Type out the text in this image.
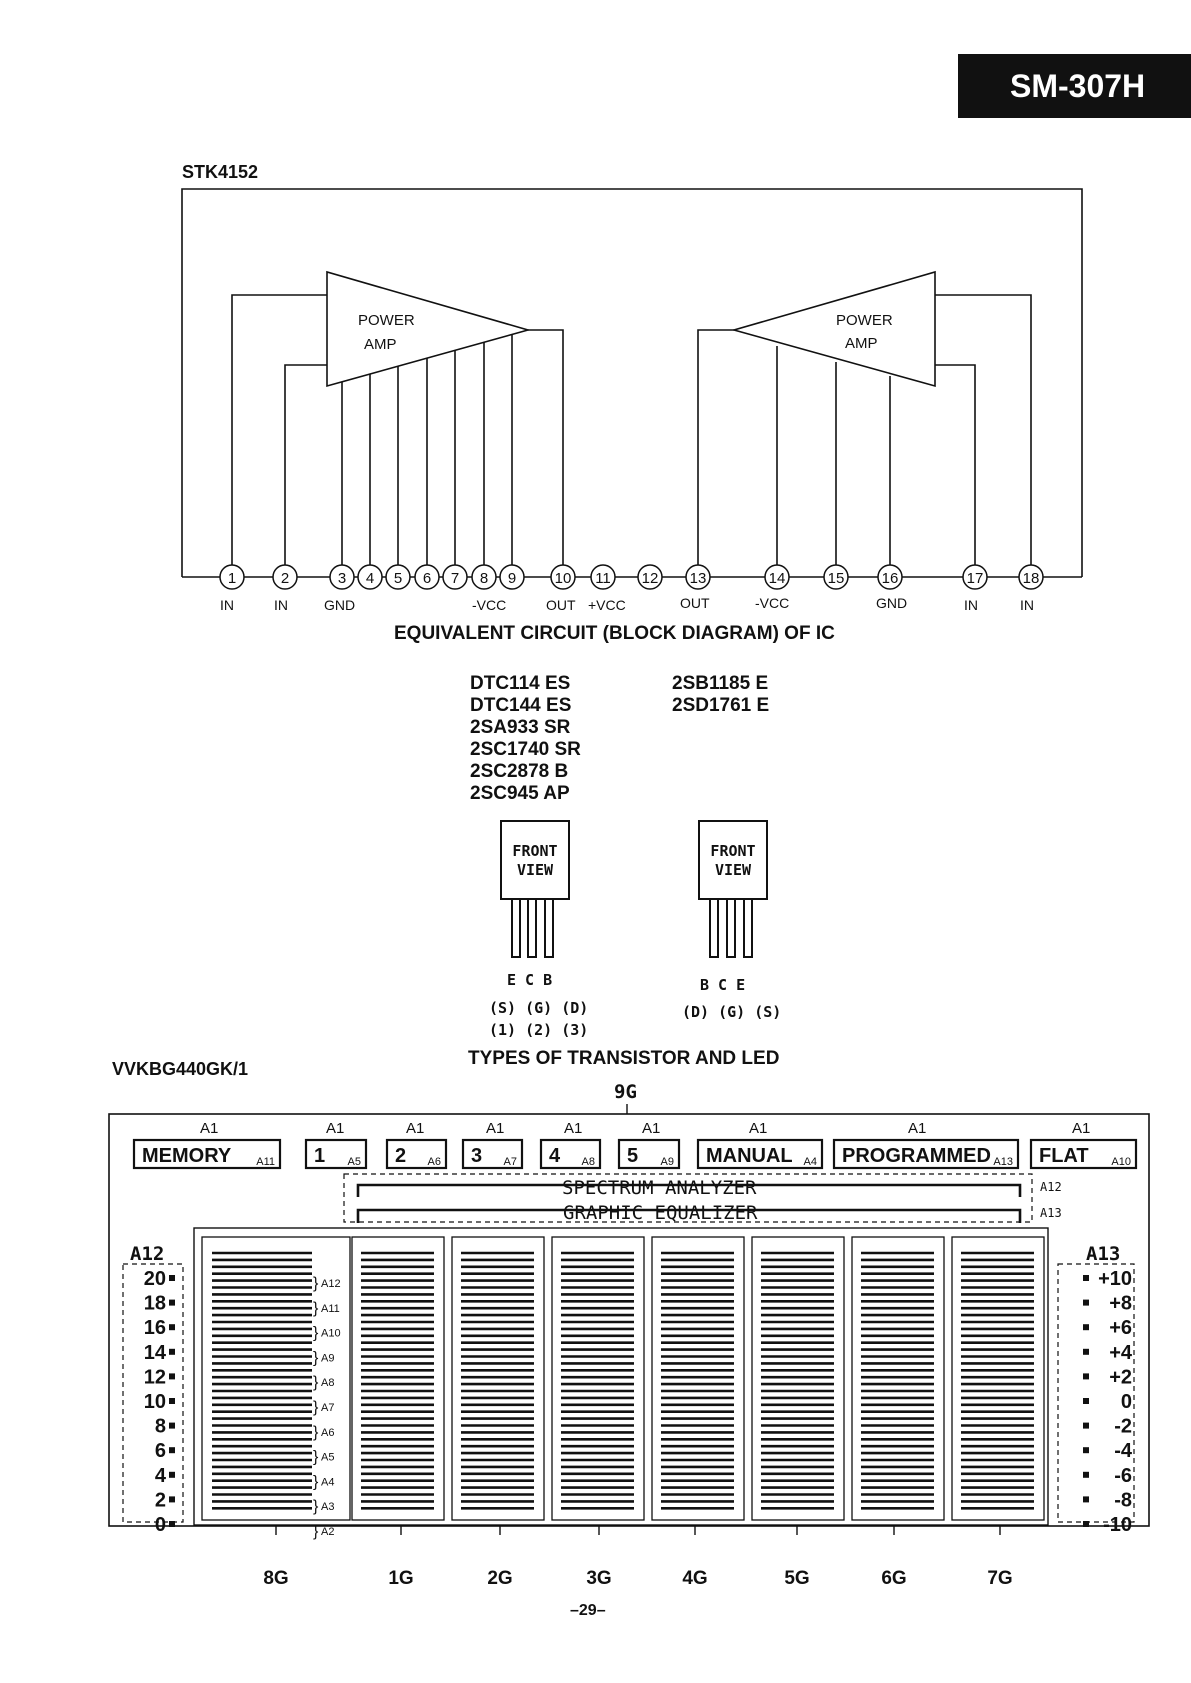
SM-307H
STK4152
POWER
AMP
POWER
AMP
1	2	3 4 5 6 7 8 9	10 11 12 13	14	15 16	17	18
IN	IN	GND	-VCC	OUT +VCC	OUT	-VCC	GND	IN	IN
EQUIVALENT CIRCUIT (BLOCK DIAGRAM) OF IC
DTC114 ES
DTC144 ES
2SA933 SR
2SC1740 SR
2SC2878 B
2SC945 AP
2SB1185 E
2SD1761 E
FRONT
VIEW
E C B
(S) (G) (D)
(1) (2) (3)
FRONT
VIEW
B C E
(D) (G) (S)
TYPES OF TRANSISTOR AND LED
VVKBG440GK/1
9G
A1	A1	A1	A1	A1	A1	A1	A1	A1
MEMORY A11 1 A5 2 A6 3 A7 4 A8 5 A9 MANUAL A4 PROGRAMMED A13 FLAT A10
SPECTRUM ANALYZER	A12
GRAPHIC EQUALIZER	A13
A12	A13
20
18
16
14
12
10
8
6
4
2
0
+10
+8
+6
+4
+2
0
-2
-4
-6
-8
-10
} A12
} A11
} A10
} A9
} A8
} A7
} A6
} A5
} A4
} A3
} A2
8G	1G	2G	3G	4G	5G	6G	7G
–29–
